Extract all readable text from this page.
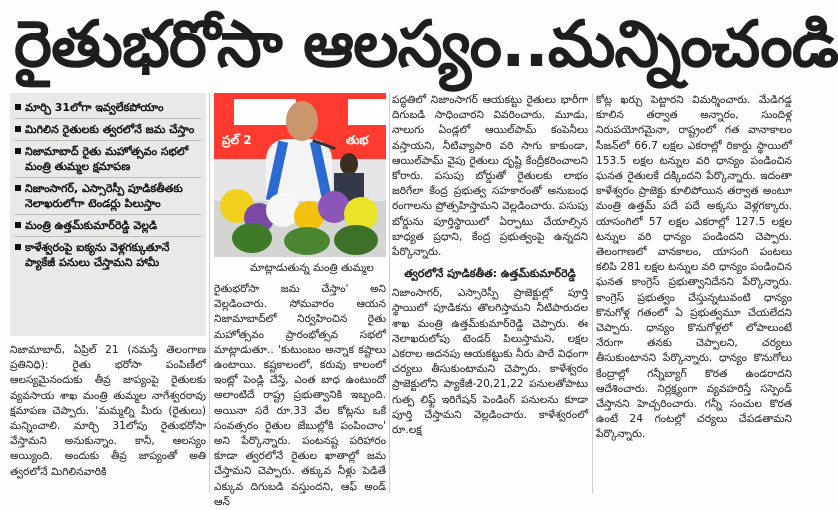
రైతుభరోసా ఆలస్యం..మన్నించండి
మార్చి 31లోగా ఇవ్వలేకపోయాం
మిగిలిన రైతులకు త్వరలోనే జమ చేస్తాం
నిజామాబాద్ రైతు మహోత్సవం సభలో మంత్రి తుమ్మల క్షమాపణ
నిజాంసాగర్, ఎస్సారెస్పీ పూడికతీతకు నెలాఖరులోగా టెండర్లు పిలుస్తాం
మంత్రి ఉత్తమ్‌కుమార్‌రెడ్డి వెల్లడి
కాళేశ్వరంపై ఐక్యను వెళ్లగక్కుతూనే ప్యాకేజీ పనులు చేస్తామని హామీ
ప్రల్ 2	తుభ
మాట్లాడుతున్న మంత్రి తుమ్మల

నిజామాబాద్, ఏప్రిల్ 21 (నమస్తే తెలంగాణ ప్రతినిధి): రైతు భరోసా పంపిణీలో ఆలస్యమైనందుకు తీవ్ర జాప్యంపై రైతులకు వ్యవసాయ శాఖ మంత్రి తుమ్మల నాగేశ్వరరావు క్షమాపణ చెప్పారు. 'మమ్మల్ని మీరు (రైతులు) మన్నించాలి. మార్చి 31లోపు రైతుభరోసా వేస్తామని అనుకున్నాం. కానీ, ఆలస్యం అయ్యింది. అందుకు తీవ్ర జాప్యంతో అతి త్వరలోనే మిగిలినవారికి

రైతుభరోసా జమ చేస్తాం' అని వెల్లడించారు. సోమవారం ఆయన నిజామాబాద్‌లో నిర్వహించిన రైతు మహోత్సవం ప్రారంభోత్సవ సభలో మాట్లాడుతూ.. 'కుటుంబం అన్నాక కష్టాలు ఉంటాయి. కష్టకాలంలో, కరువు కాలంలో ఇంట్లో పెండ్లి చేస్తే, ఎంత బాధ ఉంటుందో అలాంటిదే రాష్ట్ర ప్రభుత్వానికి ఇబ్బంది. అయినా సరే రూ.33 వేల కోట్లను ఒకే సంవత్సరం రైతుల జేబుల్లోకి పంపించాం' అని పేర్కొన్నారు. పంటనష్ట పరిహారం కూడా త్వరలోనే రైతుల ఖాతాల్లో జమ చేస్తామని చెప్పారు. తక్కువ నీళ్లు పెడితే ఎక్కువ దిగుబడి వస్తుందని, ఆఫ్ అండ్ ఆన్

పద్ధతిలో నిజాంసాగర్ ఆయకట్టు రైతులు భారీగా దిగుబడి సాధించారని వివరించారు. మూడు, నాలుగు ఏండ్లలో ఆయిల్‌పామ్ కంపెనీలు వస్తాయని, నీటివ్యాపారి వరి సాగు కాకుండా, ఆయిల్‌పామ్ వైపు రైతులు దృష్టి కేంద్రీకరించాలని కోరారు. పసుపు బోర్డుతో రైతులకు లాభం జరిగేలా కేంద్ర ప్రభుత్వ సహకారంతో అనుబంధ రంగాలను ప్రోత్సహిస్తామని వెల్లడించారు. పసుపు బోర్డును పూర్తిస్థాయిలో ఏర్పాటు చేయాల్సిన బాధ్యత ప్రధాని, కేంద్ర ప్రభుత్వంపై ఉన్నదని పేర్కొన్నారు.

త్వరలోనే పూడికతీత: ఉత్తమ్‌కుమార్‌రెడ్డి

నిజాంసాగర్, ఎస్సారెస్పీ ప్రాజెక్టుల్లో పూర్తి స్థాయిలో పూడికను తొలగిస్తామని నీటిపారుదల శాఖ మంత్రి ఉత్తమ్‌కుమార్‌రెడ్డి చెప్పారు. ఈ నెలాఖరులోపు టెండర్ పిలుస్తామని, లక్షల ఎకరాల అదనపు ఆయకట్టుకు నీరు పారే విధంగా చర్యలు తీసుకుంటామని చెప్పారు. కాళేశ్వరం ప్రాజెక్టులోని ప్యాకేజీ-20,21,22 పనులతోపాటు గుత్ప లిఫ్ట్ ఇరిగేషన్ పెండింగ్ పనులను కూడా పూర్తి చేస్తామని వెల్లడించారు. కాళేశ్వరంలో రూ.లక్ష

కోట్ల ఖర్చు పెట్టారని విమర్శించారు. మేడిగడ్డ కూలిన తర్వాత అన్నారం, సుందిళ్ల నిరుపయోగమైనా, రాష్ట్రంలో గత వానాకాలం సీజన్‌లో 66.7 లక్షల ఎకరాల్లో రికార్డు స్థాయిలో 153.5 లక్షల టన్నుల వరి ధాన్యం పండించిన ఘనత రైతులకే దక్కిందని పేర్కొన్నారు. ఇదంతా కాళేశ్వరం ప్రాజెక్టు కూలిపోయిన తర్వాత అంటూ మంత్రి ఉత్తమ్ పదే పదే అక్కసు వెళ్లగక్కారు. యాసంగిలో 57 లక్షల ఎకరాల్లో 127.5 లక్షల టన్నుల వరి ధాన్యం పండిందని చెప్పారు. తెలంగాణలో వానకాలం, యాసంగి పంటలు కలిపి 281 లక్షల టన్నుల వరి ధాన్యం పండించిన ఘనత కాంగ్రెస్ ప్రభుత్వానిదేనని పేర్కొన్నారు. కాంగ్రెస్ ప్రభుత్వం చేస్తున్నటువంటి ధాన్యం కొనుగోళ్ల గతంలో ఏ ప్రభుత్వమూ చేయలేదని చెప్పారు. ధాన్యం కొనుగోళ్లలో లోపాలుంటే నేరుగా తనకు చెప్పాలని, చర్యలు తీసుకుంటానని పేర్కొన్నారు. ధాన్యం కొనుగోలు కేంద్రాల్లో గన్నీబ్యాగ్ కొరత ఉండరాదని ఆదేశించారు. నిర్లక్ష్యంగా వ్యవహరిస్తే సస్పెండ్ చేస్తానని హెచ్చరించారు. గన్నీ సంచుల కొరత ఉంటే 24 గంటల్లో చర్యలు చేపడతామని పేర్కొన్నారు.
